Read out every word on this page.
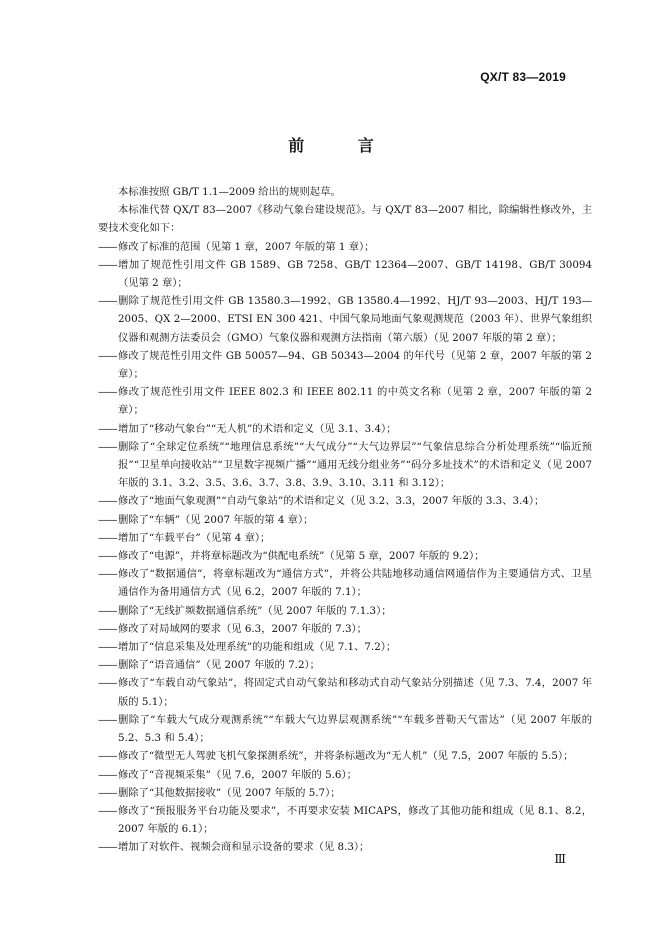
QX/T 83—2019
前 言

本标准按照 GB/T 1.1—2009 给出的规则起草。

本标准代替 QX/T 83—2007《移动气象台建设规范》。与 QX/T 83—2007 相比，除编辑性修改外，主要技术变化如下：

—— 修改了标准的范围（见第 1 章，2007 年版的第 1 章）；
—— 增加了规范性引用文件 GB 1589、GB 7258、GB/T 12364—2007、GB/T 14198、GB/T 30094（见第 2 章）；
—— 删除了规范性引用文件 GB 13580.3—1992、GB 13580.4—1992、HJ/T 93—2003、HJ/T 193—2005、QX 2—2000、ETSI EN 300 421、中国气象局地面气象观测规范（2003 年）、世界气象组织仪器和观测方法委员会（GMO）气象仪器和观测方法指南（第六版）（见 2007 年版的第 2 章）；
—— 修改了规范性引用文件 GB 50057—94、GB 50343—2004 的年代号（见第 2 章，2007 年版的第 2 章）；
—— 修改了规范性引用文件 IEEE 802.3 和 IEEE 802.11 的中英文名称（见第 2 章，2007 年版的第 2 章）；
—— 增加了“移动气象台”“无人机”的术语和定义（见 3.1、3.4）；
—— 删除了“全球定位系统”“地理信息系统”“大气成分”“大气边界层”“气象信息综合分析处理系统”“临近预报”“卫星单向接收站”“卫星数字视频广播”“通用无线分组业务”“码分多址技术”的术语和定义（见 2007 年版的 3.1、3.2、3.5、3.6、3.7、3.8、3.9、3.10、3.11 和 3.12）；
—— 修改了“地面气象观测”“自动气象站”的术语和定义（见 3.2、3.3，2007 年版的 3.3、3.4）；
—— 删除了“车辆”（见 2007 年版的第 4 章）；
—— 增加了“车载平台”（见第 4 章）；
—— 修改了“电源”，并将章标题改为“供配电系统”（见第 5 章，2007 年版的 9.2）；
—— 修改了“数据通信”，将章标题改为“通信方式”，并将公共陆地移动通信网通信作为主要通信方式、卫星通信作为备用通信方式（见 6.2，2007 年版的 7.1）；
—— 删除了“无线扩频数据通信系统”（见 2007 年版的 7.1.3）；
—— 修改了对局域网的要求（见 6.3，2007 年版的 7.3）；
—— 增加了“信息采集及处理系统”的功能和组成（见 7.1、7.2）；
—— 删除了“语音通信”（见 2007 年版的 7.2）；
—— 修改了“车载自动气象站”，将固定式自动气象站和移动式自动气象站分别描述（见 7.3、7.4，2007 年版的 5.1）；
—— 删除了“车载大气成分观测系统”“车载大气边界层观测系统”“车载多普勒天气雷达”（见 2007 年版的 5.2、5.3 和 5.4）；
—— 修改了“微型无人驾驶飞机气象探测系统”，并将条标题改为“无人机”（见 7.5，2007 年版的 5.5）；
—— 修改了“音视频采集”（见 7.6，2007 年版的 5.6）；
—— 删除了“其他数据接收”（见 2007 年版的 5.7）；
—— 修改了“预报服务平台功能及要求”，不再要求安装 MICAPS，修改了其他功能和组成（见 8.1、8.2，2007 年版的 6.1）；
—— 增加了对软件、视频会商和显示设备的要求（见 8.3）；
Ⅲ
